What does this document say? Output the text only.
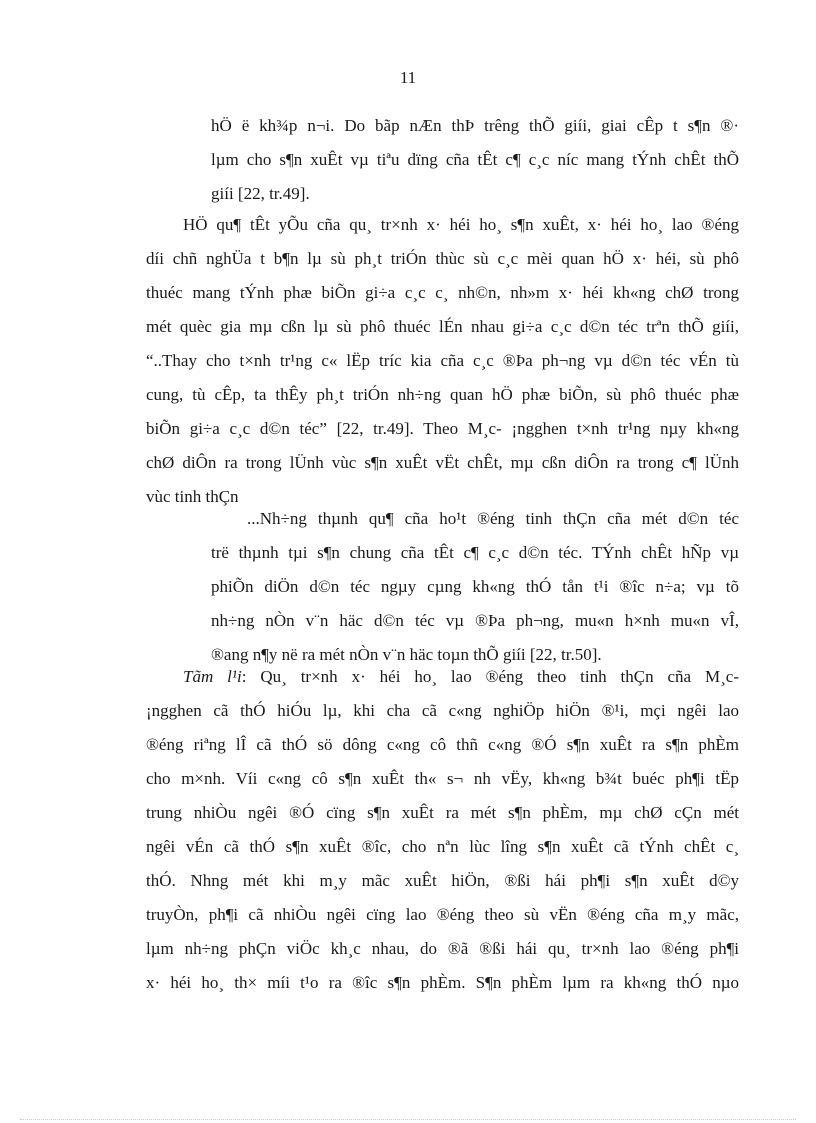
11
hÖ ë kh¾p n¬i. Do bãp nÆn thÞ trêng thÕ giíi, giai cÊp t s¶n ®·
lµm cho s¶n xuÊt vµ tiªu dïng cña tÊt c¶ c¸c níc mang tÝnh chÊt thÕ
giíi [22, tr.49].
HÖ qu¶ tÊt yÕu cña qu¸ tr×nh x· héi ho¸ s¶n xuÊt, x· héi ho¸ lao ®éng
díi chñ nghÜa t b¶n lµ sù ph¸t triÓn thùc sù c¸c mèi quan hÖ x· héi, sù phô
thuéc mang tÝnh phæ biÕn gi÷a c¸c c¸ nh©n, nh»m x· héi kh«ng chØ trong
mét quèc gia mµ cßn lµ sù phô thuéc lÉn nhau gi÷a c¸c d©n téc trªn thÕ giíi,
“..Thay cho t×nh tr¹ng c« lËp tríc kia cña c¸c ®Þa ph¬ng vµ d©n téc vÉn tù
cung, tù cÊp, ta thÊy ph¸t triÓn nh÷ng quan hÖ phæ biÕn, sù phô thuéc phæ
biÕn gi÷a c¸c d©n téc” [22, tr.49]. Theo M¸c- ¡ngghen t×nh tr¹ng nµy kh«ng
chØ diÔn ra trong lÜnh vùc s¶n xuÊt vËt chÊt, mµ cßn diÔn ra trong c¶ lÜnh
vùc tinh thÇn
...Nh÷ng thµnh qu¶ cña ho¹t ®éng tinh thÇn cña mét d©n téc
trë thµnh tµi s¶n chung cña tÊt c¶ c¸c d©n téc. TÝnh chÊt hÑp vµ
phiÕn diÖn d©n téc ngµy cµng kh«ng thÓ tån t¹i ®îc n÷a; vµ tõ
nh÷ng nÒn v¨n häc d©n téc vµ ®Þa ph¬ng, mu«n h×nh mu«n vÎ,
®ang n¶y në ra mét nÒn v¨n häc toµn thÕ giíi [22, tr.50].
Tãm l¹i: Qu¸ tr×nh x· héi ho¸ lao ®éng theo tinh thÇn cña M¸c-
¡ngghen cã thÓ hiÓu lµ, khi cha cã c«ng nghiÖp hiÖn ®¹i, mçi ngêi lao
®éng riªng lÎ cã thÓ sö dông c«ng cô thñ c«ng ®Ó s¶n xuÊt ra s¶n phÈm
cho m×nh. Víi c«ng cô s¶n xuÊt th« s¬ nh vËy, kh«ng b¾t buéc ph¶i tËp
trung nhiÒu ngêi ®Ó cïng s¶n xuÊt ra mét s¶n phÈm, mµ chØ cÇn mét
ngêi vÉn cã thÓ s¶n xuÊt ®îc, cho nªn lùc lîng s¶n xuÊt cã tÝnh chÊt c¸
thÓ. Nhng mét khi m¸y mãc xuÊt hiÖn, ®ßi hái ph¶i s¶n xuÊt d©y
truyÒn, ph¶i cã nhiÒu ngêi cïng lao ®éng theo sù vËn ®éng cña m¸y mãc,
lµm nh÷ng phÇn viÖc kh¸c nhau, do ®ã ®ßi hái qu¸ tr×nh lao ®éng ph¶i
x· héi ho¸ th× míi t¹o ra ®îc s¶n phÈm. S¶n phÈm lµm ra kh«ng thÓ nµo
